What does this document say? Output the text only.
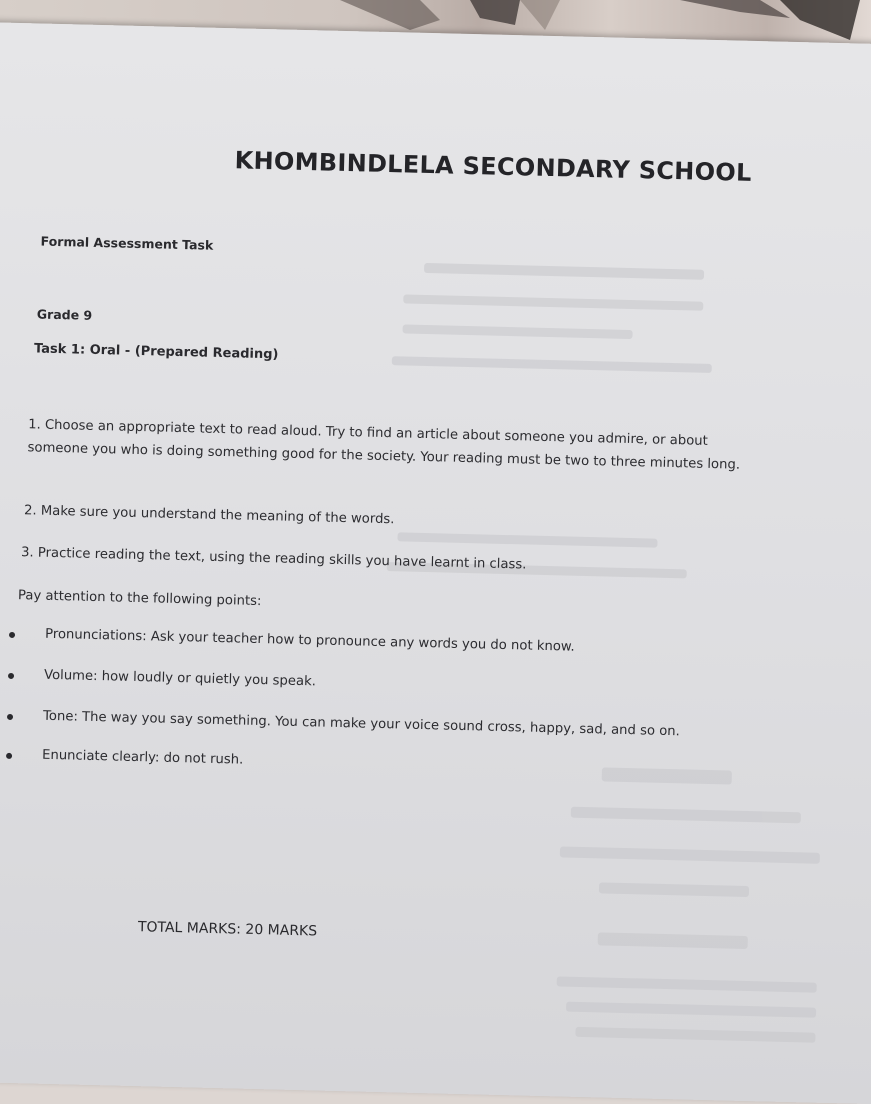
KHOMBINDLELA SECONDARY SCHOOL
Formal Assessment Task
Grade 9
Task 1: Oral - (Prepared Reading)
1. Choose an appropriate text to read aloud. Try to find an article about someone you admire, or about someone you who is doing something good for the society. Your reading must be two to three minutes long.
2. Make sure you understand the meaning of the words.
3. Practice reading the text, using the reading skills you have learnt in class.
Pay attention to the following points:
Pronunciations: Ask your teacher how to pronounce any words you do not know.
Volume: how loudly or quietly you speak.
Tone: The way you say something. You can make your voice sound cross, happy, sad, and so on.
Enunciate clearly: do not rush.
TOTAL MARKS: 20 MARKS
